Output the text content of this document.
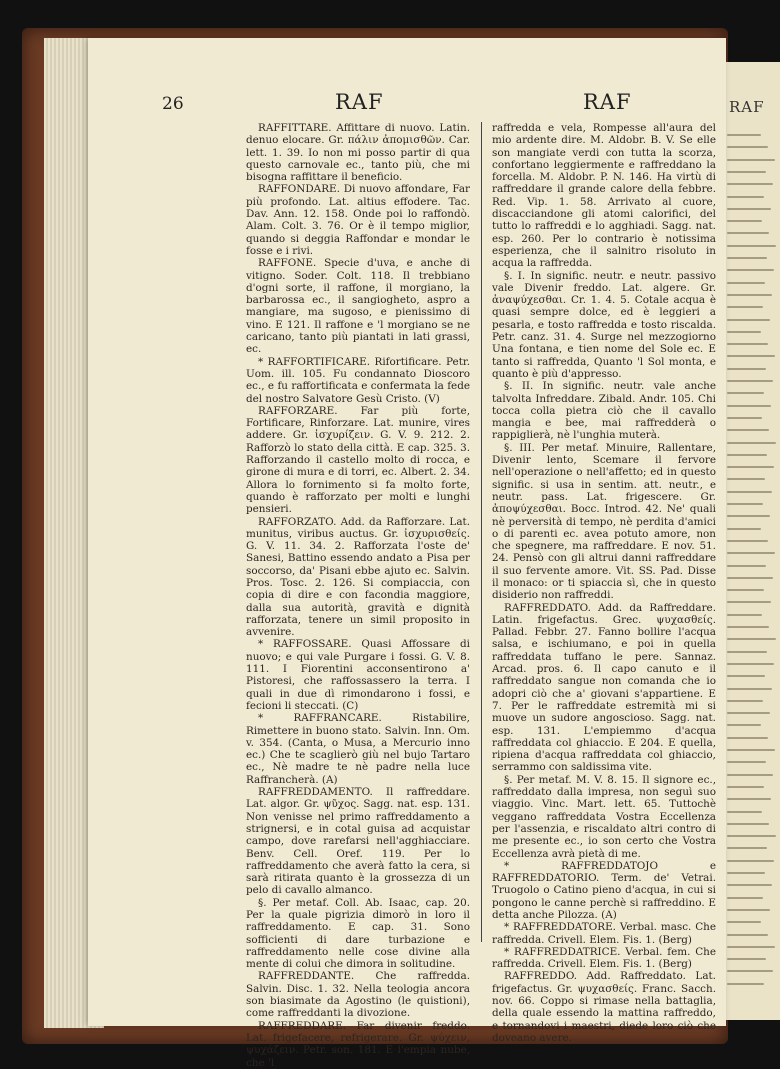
RAF
26	RAF	RAF

RAFFITTARE. Affittare di nuovo. Latin. denuo elocare. Gr. πάλιν ἀπομισθῶν. Car. lett. 1. 39. Io non mi posso partir di qua questo carnovale ec., tanto più, che mi bisogna raffittare il beneficio.

RAFFONDARE. Di nuovo affondare, Far più profondo. Lat. altius effodere. Tac. Dav. Ann. 12. 158. Onde poi lo raffondò. Alam. Colt. 3. 76. Or è il tempo miglior, quando si deggia Raffondar e mondar le fosse e i rivi.

RAFFONE. Specie d'uva, e anche di vitigno. Soder. Colt. 118. Il trebbiano d'ogni sorte, il raffone, il morgiano, la barbarossa ec., il sangiogheto, aspro a mangiare, ma sugoso, e pienissimo di vino. E 121. Il raffone e 'l morgiano se ne caricano, tanto più piantati in lati grassi, ec.

* RAFFORTIFICARE. Rifortificare. Petr. Uom. ill. 105. Fu condannato Dioscoro ec., e fu raffortificata e confermata la fede del nostro Salvatore Gesù Cristo. (V)

RAFFORZARE. Far più forte, Fortificare, Rinforzare. Lat. munire, vires addere. Gr. ἰσχυρίζειν. G. V. 9. 212. 2. Rafforzò lo stato della città. E cap. 325. 3. Rafforzando il castello molto di rocca, e girone di mura e di torri, ec. Albert. 2. 34. Allora lo fornimento si fa molto forte, quando è rafforzato per molti e lunghi pensieri.

RAFFORZATO. Add. da Rafforzare. Lat. munitus, viribus auctus. Gr. ἰσχυρισθείς. G. V. 11. 34. 2. Rafforzata l'oste de' Sanesi, Battino essendo andato a Pisa per soccorso, da' Pisani ebbe ajuto ec. Salvin. Pros. Tosc. 2. 126. Si compiaccia, con copia di dire e con facondia maggiore, dalla sua autorità, gravità e dignità rafforzata, tenere un simil proposito in avvenire.

* RAFFOSSARE. Quasi Affossare di nuovo; e qui vale Purgare i fossi. G. V. 8. 111. I Fiorentini acconsentirono a' Pistoresi, che raffossassero la terra. I quali in due dì rimondarono i fossi, e fecioni li steccati. (C)

* RAFFRANCARE. Ristabilire, Rimettere in buono stato. Salvin. Inn. Om. v. 354. (Cantа, o Musa, a Mercurio inno ec.) Che te scaglierò giù nel bujo Tartaro ec., Nè madre te nè padre nella luce Raffrancherà. (A)

RAFFREDDAMENTO. Il raffreddare. Lat. algor. Gr. ψῦχος. Sagg. nat. esp. 131. Non venisse nel primo raffreddamento a strignersi, e in cotal guisa ad acquistar campo, dove rarefarsi nell'agghiacciare. Benv. Cell. Oref. 119. Per lo raffreddamento che averà fatto la cera, si sarà ritirata quanto è la grossezza di un pelo di cavallo almanco.

§. Per metaf. Coll. Ab. Isaac, cap. 20. Per la quale pigrizia dimorò in loro il raffreddamento. E cap. 31. Sono sofficienti di dare turbazione e raffreddamento nelle cose divine alla mente di colui che dimora in solitudine.

RAFFREDDANTE. Che raffredda. Salvin. Disc. 1. 32. Nella teologia ancora son biasimate da Agostino (le quistioni), come raffreddanti la divozione.

RAFFREDDARE. Far divenir freddo. Lat. frigefacere, refrigerare. Gr. ψύχειν, ψυχάζειν. Petr. son. 181. E l'empia nube, che 'l

raffredda e vela, Rompesse all'aura del mio ardente dire. M. Aldobr. B. V. Se elle son mangiate verdi con tutta la scorza, confortano leggiermente e raffreddano la forcella. M. Aldobr. P. N. 146. Ha virtù di raffreddare il grande calore della febbre. Red. Vip. 1. 58. Arrivato al cuore, discacciandone gli atomi calorifici, del tutto lo raffreddi e lo agghiadi. Sagg. nat. esp. 260. Per lo contrario è notissima esperienza, che il salnitro risoluto in acqua la raffredda.

§. I. In signific. neutr. e neutr. passivo vale Divenir freddo. Lat. algere. Gr. ἀναψύχεσθαι. Cr. 1. 4. 5. Cotale acqua è quasi sempre dolce, ed è leggieri a pesarla, e tosto raffredda e tosto riscalda. Petr. canz. 31. 4. Surge nel mezzogiorno Una fontana, e tien nome del Sole ec. E tanto si raffredda, Quanto 'l Sol monta, e quanto è più d'appresso.

§. II. In signific. neutr. vale anche talvolta Infreddare. Zibald. Andr. 105. Chi tocca colla pietra ciò che il cavallo mangia e bee, mai raffredderà o rappiglierà, nè l'unghia muterà.

§. III. Per metaf. Minuire, Rallentare, Divenir lento, Scemare il fervore nell'operazione o nell'affetto; ed in questo signific. si usa in sentim. att. neutr., e neutr. pass. Lat. frigescere. Gr. ἀποψύχεσθαι. Bocc. Introd. 42. Ne' quali nè perversità di tempo, nè perdita d'amici o di parenti ec. avea potuto amore, non che spegnere, ma raffreddare. E nov. 51. 24. Pensò con gli altrui danni raffreddare il suo fervente amore. Vit. SS. Pad. Disse il monaco: or ti spiaccia sì, che in questo disiderio non raffreddi.

RAFFREDDATO. Add. da Raffreddare. Latin. frigefactus. Grec. ψυχασθείς. Pallad. Febbr. 27. Fanno bollire l'acqua salsa, e ischiumano, e poi in quella raffreddata tuffano le pere. Sannaz. Arcad. pros. 6. Il capo canuto e il raffreddato sangue non comanda che io adopri ciò che a' giovani s'appartiene. E 7. Per le raffreddate estremità mi si muove un sudore angoscioso. Sagg. nat. esp. 131. L'empiemmo d'acqua raffreddata col ghiaccio. E 204. E quella, ripiena d'acqua raffreddata col ghiaccio, serrammo con saldissima vite.

§. Per metaf. M. V. 8. 15. Il signore ec., raffreddato dalla impresa, non seguì suo viaggio. Vinc. Mart. lett. 65. Tuttochè veggano raffreddata Vostra Eccellenza per l'assenzia, e riscaldato altri contro di me presente ec., io son certo che Vostra Eccellenza avrà pietà di me.

* RAFFREDDATOJO e RAFFREDDATORIO. Term. de' Vetrai. Truogolo o Catino pieno d'acqua, in cui si pongono le canne perchè si raffreddino. E detta anche Pilozza. (A)

* RAFFREDDATORE. Verbal. masc. Che raffredda. Crivell. Elem. Fis. 1. (Berg)

* RAFFREDDATRICE. Verbal. fem. Che raffredda. Crivell. Elem. Fis. 1. (Berg)

RAFFREDDO. Add. Raffreddato. Lat. frigefactus. Gr. ψυχασθείς. Franc. Sacch. nov. 66. Coppo si rimase nella battaglia, della quale essendo la mattina raffreddo, e tornandovi i maestri, diede loro ciò che doveano avere.
